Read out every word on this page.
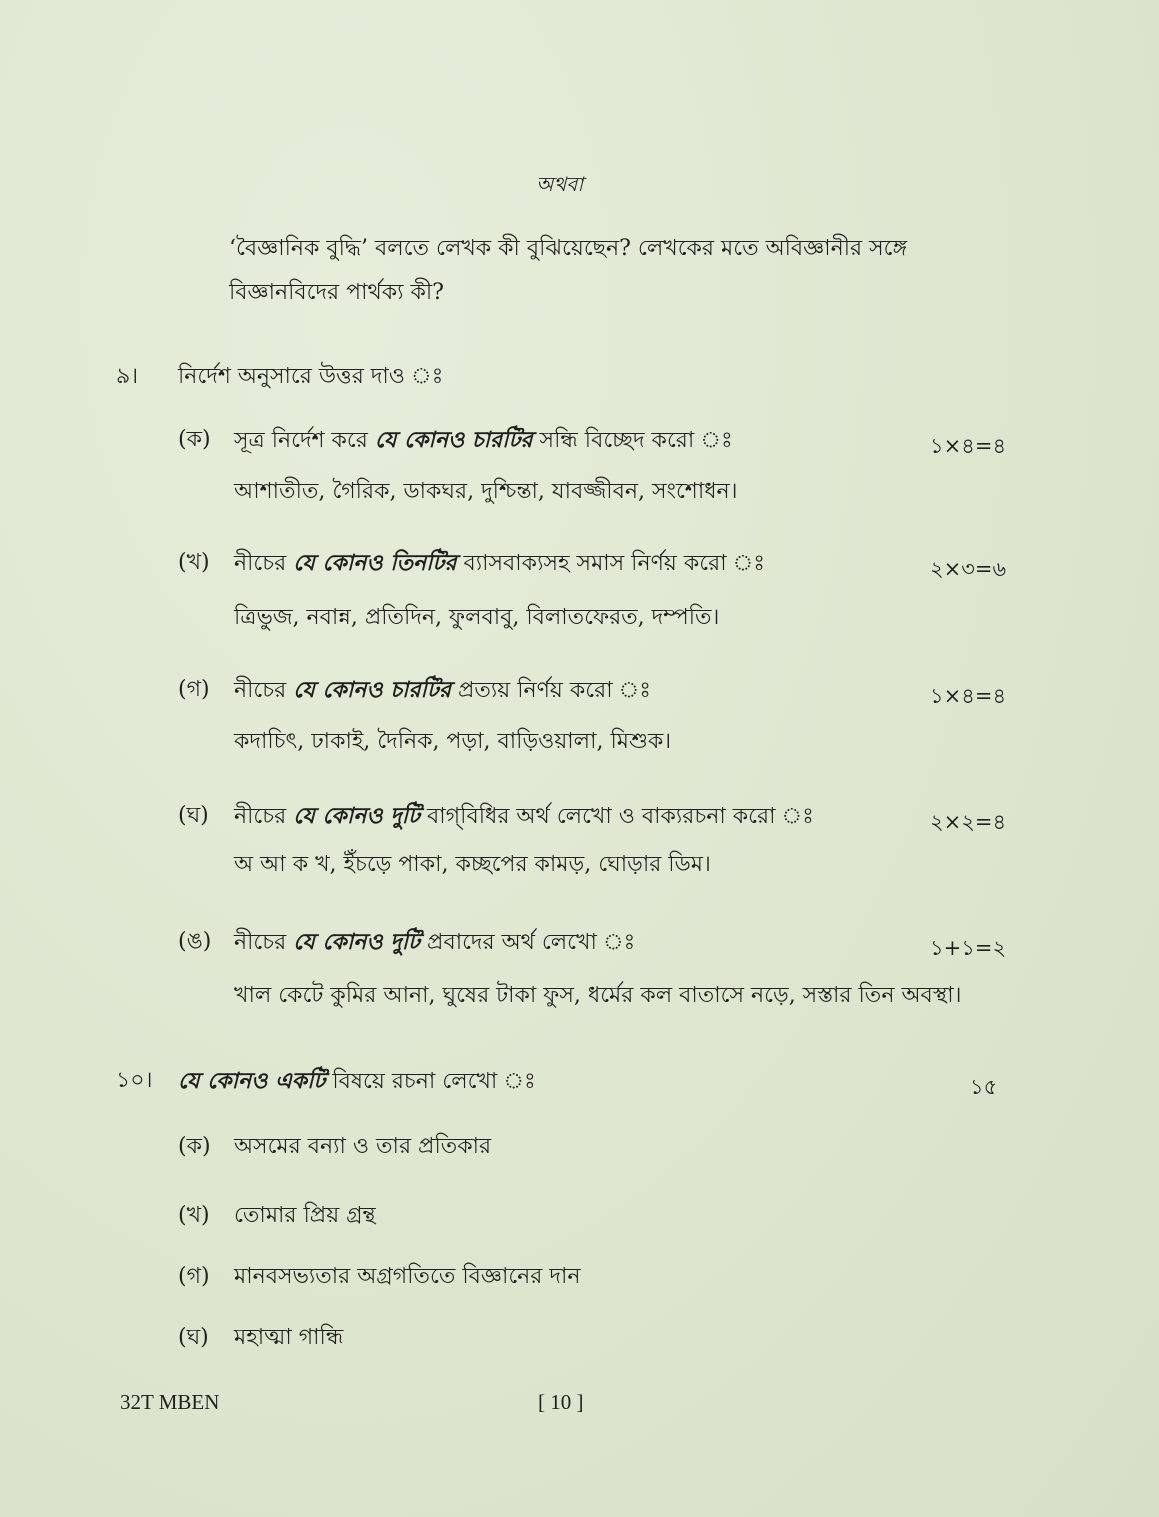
অথবা
‘বৈজ্ঞানিক বুদ্ধি’ বলতে লেখক কী বুঝিয়েছেন? লেখকের মতে অবিজ্ঞানীর সঙ্গে
বিজ্ঞানবিদের পার্থক্য কী?
৯। নির্দেশ অনুসারে উত্তর দাও ঃ
(ক) সূত্র নির্দেশ করে যে কোনও চারটির সন্ধি বিচ্ছেদ করো ঃ	১×৪=৪
আশাতীত, গৈরিক, ডাকঘর, দুশ্চিন্তা, যাবজ্জীবন, সংশোধন।
(খ) নীচের যে কোনও তিনটির ব্যাসবাক্যসহ সমাস নির্ণয় করো ঃ	২×৩=৬
ত্রিভুজ, নবান্ন, প্রতিদিন, ফুলবাবু, বিলাতফেরত, দম্পতি।
(গ) নীচের যে কোনও চারটির প্রত্যয় নির্ণয় করো ঃ	১×৪=৪
কদাচিৎ, ঢাকাই, দৈনিক, পড়া, বাড়িওয়ালা, মিশুক।
(ঘ) নীচের যে কোনও দুটি বাগ্‌বিধির অর্থ লেখো ও বাক্যরচনা করো ঃ	২×২=৪
অ আ ক খ, ইঁচড়ে পাকা, কচ্ছপের কামড়, ঘোড়ার ডিম।
(ঙ) নীচের যে কোনও দুটি প্রবাদের অর্থ লেখো ঃ	১+১=২
খাল কেটে কুমির আনা, ঘুষের টাকা ফুস, ধর্মের কল বাতাসে নড়ে, সস্তার তিন অবস্থা।
১০। যে কোনও একটি বিষয়ে রচনা লেখো ঃ	১৫
(ক) অসমের বন্যা ও তার প্রতিকার
(খ) তোমার প্রিয় গ্রন্থ
(গ) মানবসভ্যতার অগ্রগতিতে বিজ্ঞানের দান
(ঘ) মহাত্মা গান্ধি
32T MBEN	[ 10 ]
